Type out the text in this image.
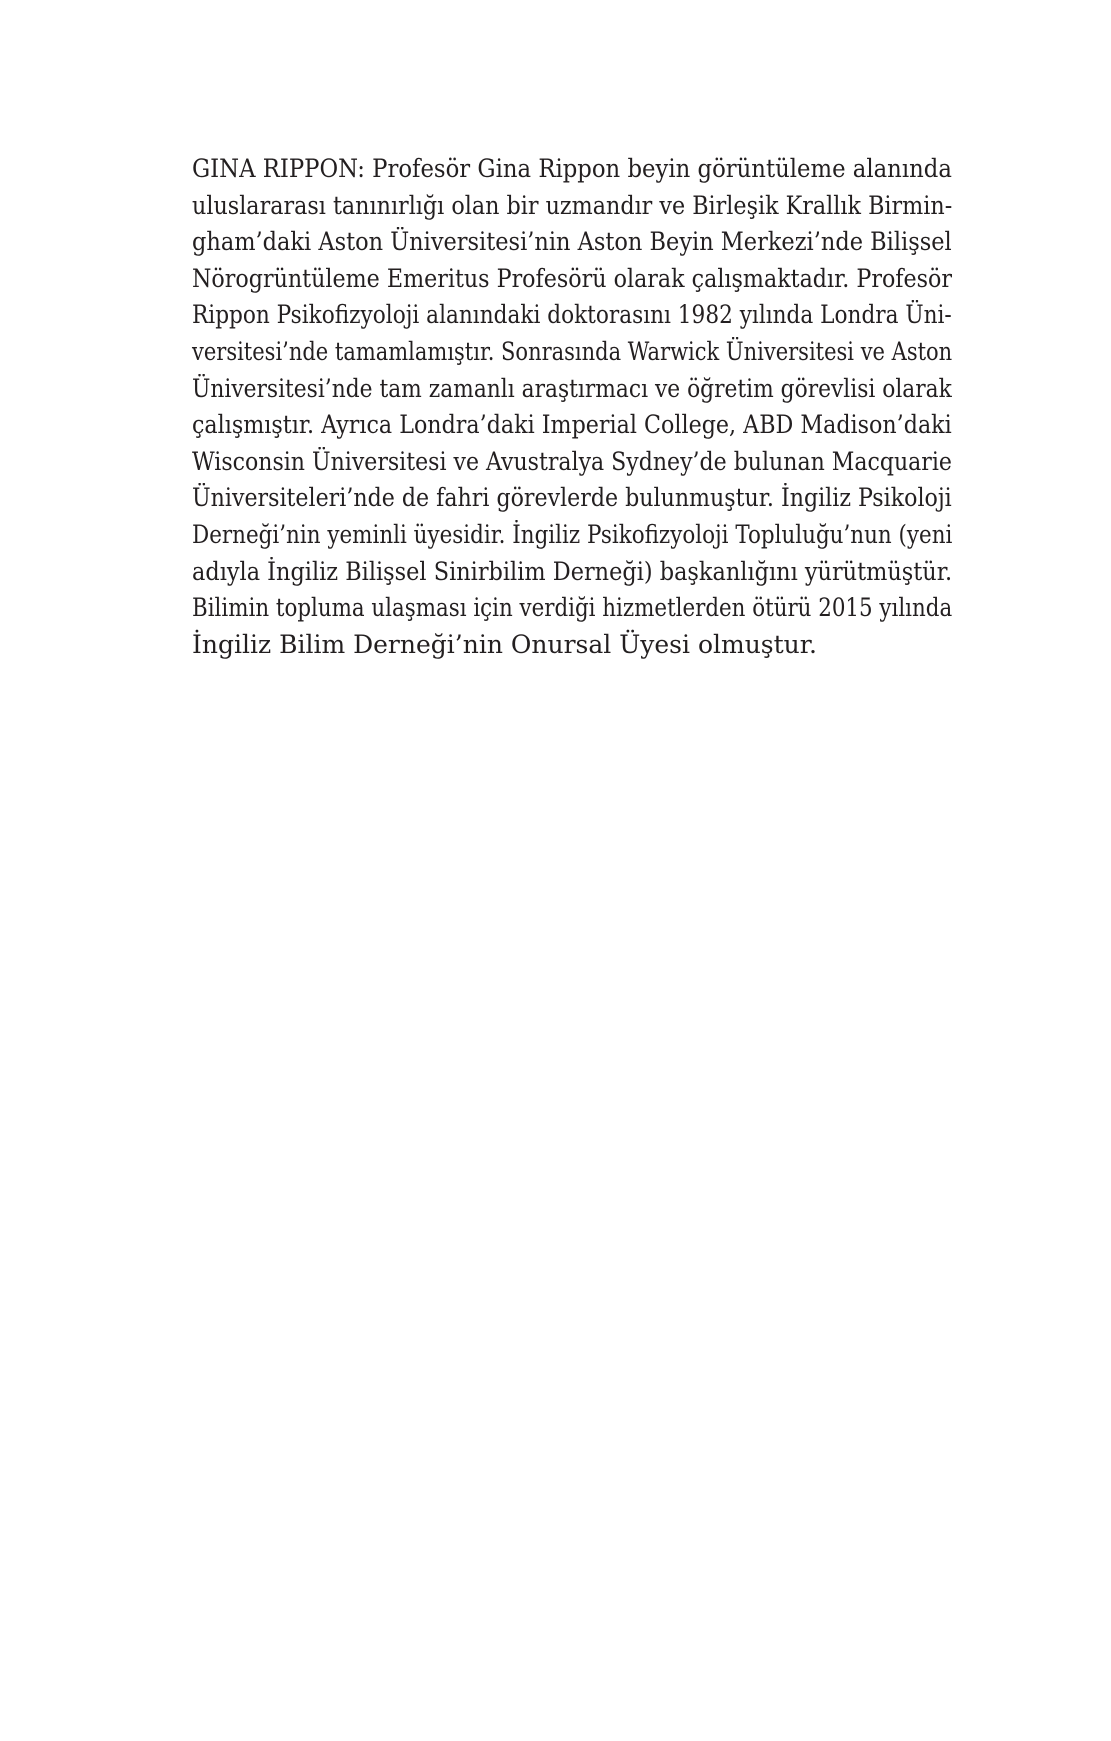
GINA RIPPON: Profesör Gina Rippon beyin görüntüleme alanında
uluslararası tanınırlığı olan bir uzmandır ve Birleşik Krallık Birmin-
gham’daki Aston Üniversitesi’nin Aston Beyin Merkezi’nde Bilişsel
Nörogrüntüleme Emeritus Profesörü olarak çalışmaktadır. Profesör
Rippon Psikofizyoloji alanındaki doktorasını 1982 yılında Londra Üni-
versitesi’nde tamamlamıştır. Sonrasında Warwick Üniversitesi ve Aston
Üniversitesi’nde tam zamanlı araştırmacı ve öğretim görevlisi olarak
çalışmıştır. Ayrıca Londra’daki Imperial College, ABD Madison’daki
Wisconsin Üniversitesi ve Avustralya Sydney’de bulunan Macquarie
Üniversiteleri’nde de fahri görevlerde bulunmuştur. İngiliz Psikoloji
Derneği’nin yeminli üyesidir. İngiliz Psikofizyoloji Topluluğu’nun (yeni
adıyla İngiliz Bilişsel Sinirbilim Derneği) başkanlığını yürütmüştür.
Bilimin topluma ulaşması için verdiği hizmetlerden ötürü 2015 yılında
İngiliz Bilim Derneği’nin Onursal Üyesi olmuştur.
